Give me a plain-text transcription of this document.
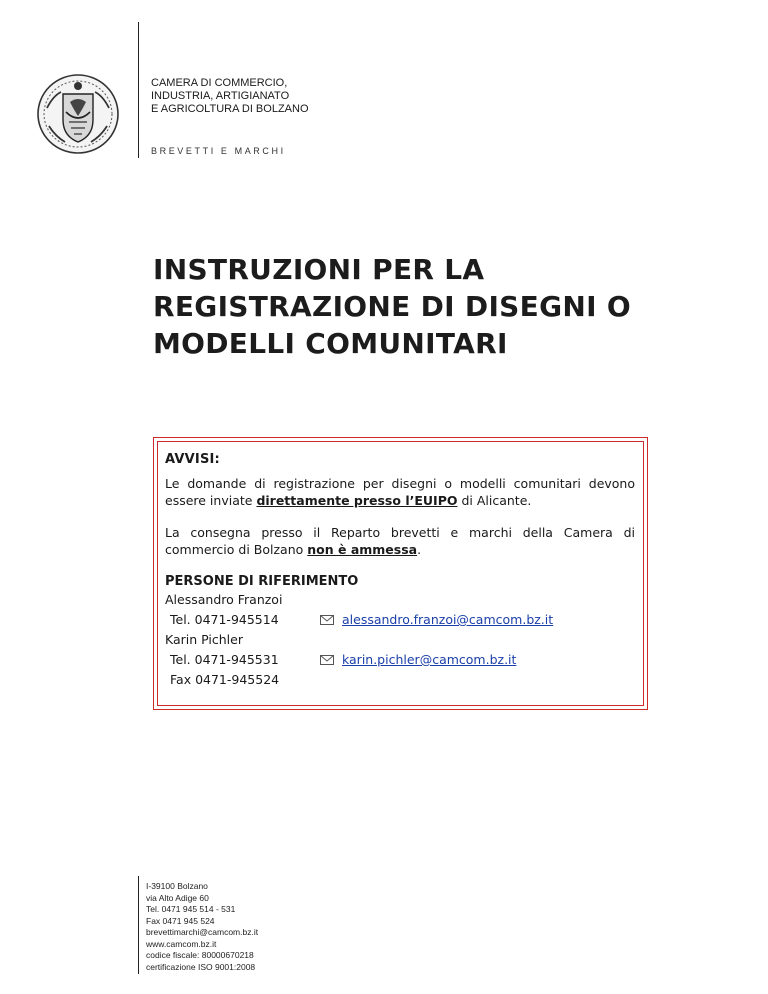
CAMERA DI COMMERCIO,
INDUSTRIA, ARTIGIANATO
E AGRICOLTURA DI BOLZANO
BREVETTI E MARCHI
INSTRUZIONI PER LA
REGISTRAZIONE DI DISEGNI O
MODELLI COMUNITARI
AVVISI:

Le domande di registrazione per disegni o modelli comunitari devono essere inviate direttamente presso l’EUIPO di Alicante.

La consegna presso il Reparto brevetti e marchi della Camera di commercio di Bolzano non è ammessa.

PERSONE DI RIFERIMENTO
Alessandro Franzoi
Tel. 0471-945514	alessandro.franzoi@camcom.bz.it
Karin Pichler
Tel. 0471-945531	karin.pichler@camcom.bz.it
Fax 0471-945524
I-39100 Bolzano
via Alto Adige 60
Tel. 0471 945 514 - 531
Fax 0471 945 524
brevettimarchi@camcom.bz.it
www.camcom.bz.it
codice fiscale: 80000670218
certificazione ISO 9001:2008
